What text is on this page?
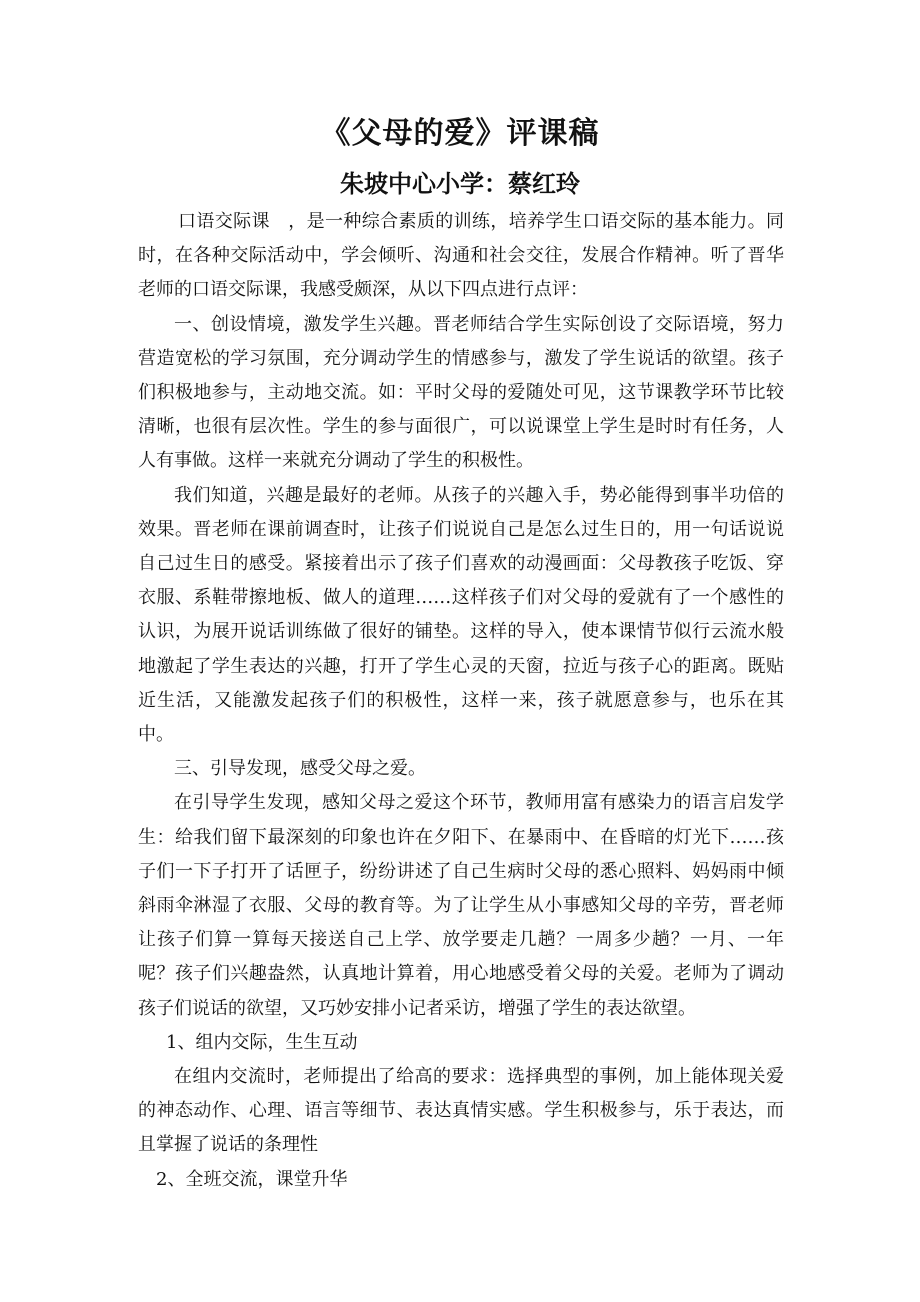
《父母的爱》评课稿
朱坡中心小学：蔡红玲

口语交际课　，是一种综合素质的训练，培养学生口语交际的基本能力。同时，在各种交际活动中，学会倾听、沟通和社会交往，发展合作精神。听了晋华老师的口语交际课，我感受颇深，从以下四点进行点评：

一、创设情境，激发学生兴趣。晋老师结合学生实际创设了交际语境，努力营造宽松的学习氛围，充分调动学生的情感参与，激发了学生说话的欲望。孩子们积极地参与，主动地交流。如：平时父母的爱随处可见，这节课教学环节比较清晰，也很有层次性。学生的参与面很广，可以说课堂上学生是时时有任务，人人有事做。这样一来就充分调动了学生的积极性。

我们知道，兴趣是最好的老师。从孩子的兴趣入手，势必能得到事半功倍的效果。晋老师在课前调查时，让孩子们说说自己是怎么过生日的，用一句话说说自己过生日的感受。紧接着出示了孩子们喜欢的动漫画面：父母教孩子吃饭、穿衣服、系鞋带擦地板、做人的道理……这样孩子们对父母的爱就有了一个感性的认识，为展开说话训练做了很好的铺垫。这样的导入，使本课情节似行云流水般地激起了学生表达的兴趣，打开了学生心灵的天窗，拉近与孩子心的距离。既贴近生活，又能激发起孩子们的积极性，这样一来，孩子就愿意参与，也乐在其中。

三、引导发现，感受父母之爱。

在引导学生发现，感知父母之爱这个环节，教师用富有感染力的语言启发学生：给我们留下最深刻的印象也许在夕阳下、在暴雨中、在昏暗的灯光下……孩子们一下子打开了话匣子，纷纷讲述了自己生病时父母的悉心照料、妈妈雨中倾斜雨伞淋湿了衣服、父母的教育等。为了让学生从小事感知父母的辛劳，晋老师让孩子们算一算每天接送自己上学、放学要走几趟？一周多少趟？一月、一年呢？孩子们兴趣盎然，认真地计算着，用心地感受着父母的关爱。老师为了调动孩子们说话的欲望，又巧妙安排小记者采访，增强了学生的表达欲望。

1、组内交际，生生互动

在组内交流时，老师提出了给高的要求：选择典型的事例，加上能体现关爱的神态动作、心理、语言等细节、表达真情实感。学生积极参与，乐于表达，而且掌握了说话的条理性

2、全班交流，课堂升华
